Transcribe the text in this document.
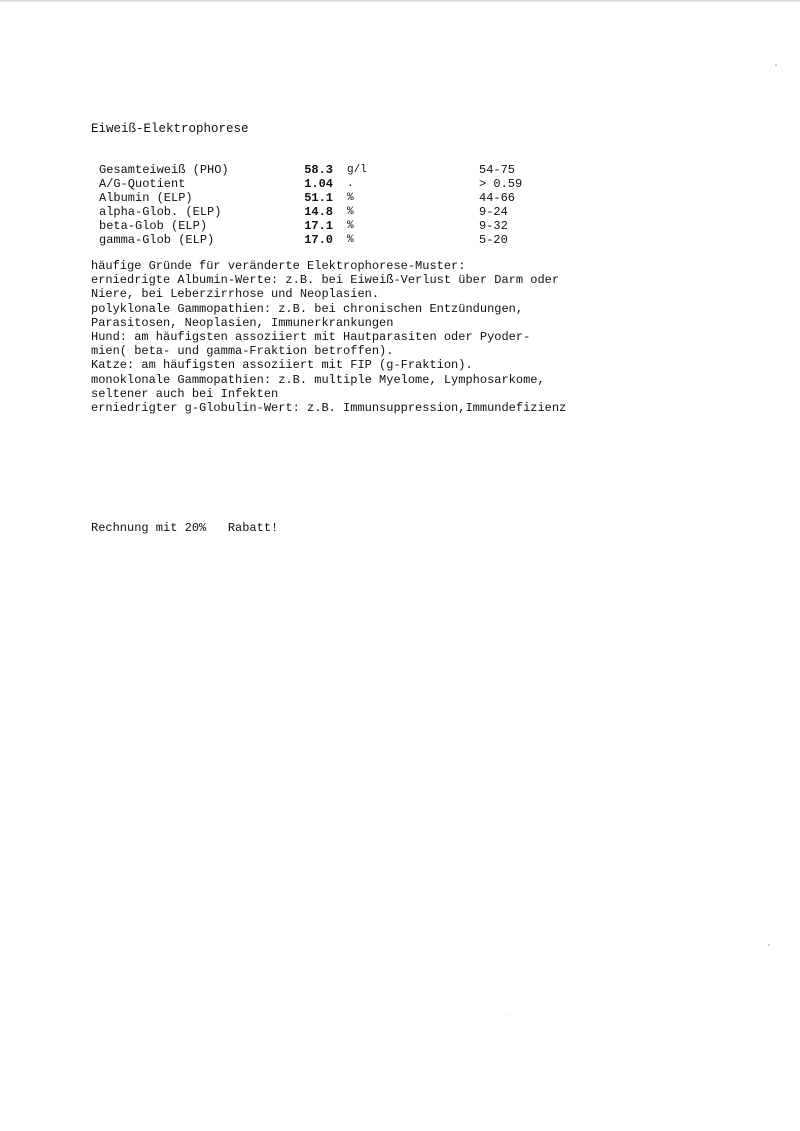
Eiweiß-Elektrophorese
Gesamteiweiß (PHO)	58.3 g/l	54-75
A/G-Quotient	1.04 .	> 0.59
Albumin (ELP)	51.1 %	44-66
alpha-Glob. (ELP)	14.8 %	9-24
beta-Glob (ELP)	17.1 %	9-32
gamma-Glob (ELP)	17.0 %	5-20
häufige Gründe für veränderte Elektrophorese-Muster:
erniedrigte Albumin-Werte: z.B. bei Eiweiß-Verlust über Darm oder
Niere, bei Leberzirrhose und Neoplasien.
polyklonale Gammopathien: z.B. bei chronischen Entzündungen,
Parasitosen, Neoplasien, Immunerkrankungen
Hund: am häufigsten assoziiert mit Hautparasiten oder Pyoder-
mien( beta- und gamma-Fraktion betroffen).
Katze: am häufigsten assoziiert mit FIP (g-Fraktion).
monoklonale Gammopathien: z.B. multiple Myelome, Lymphosarkome,
seltener auch bei Infekten
erniedrigter g-Globulin-Wert: z.B. Immunsuppression,Immundefizienz
Rechnung mit 20%   Rabatt!
